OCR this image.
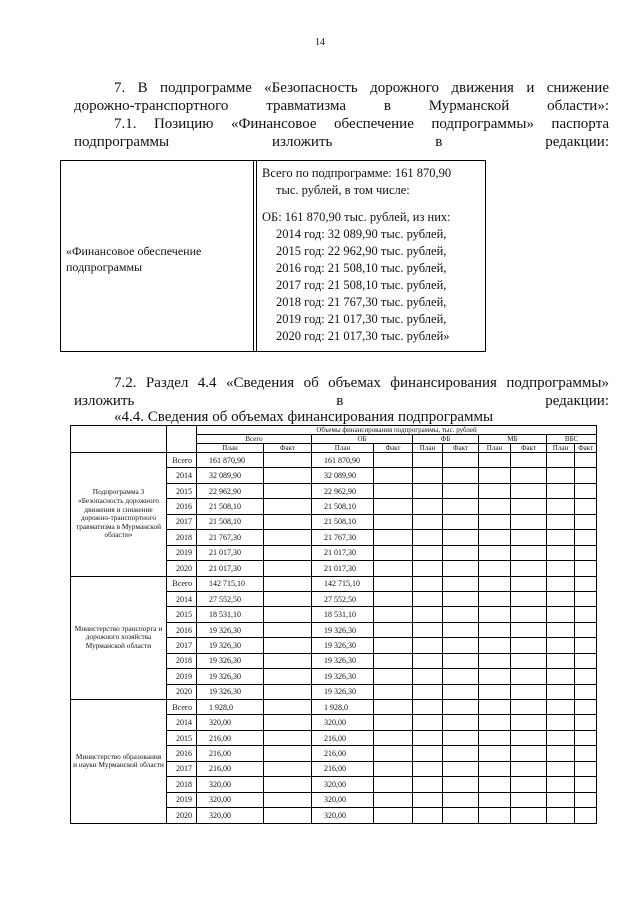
14
7. В подпрограмме «Безопасность дорожного движения и снижение дорожно-транспортного травматизма в Мурманской области»:
7.1. Позицию «Финансовое обеспечение подпрограммы» паспорта подпрограммы изложить в редакции:
«Финансовое обеспечение подпрограммы
Всего по подпрограмме: 161 870,90
тыс. рублей, в том числе:
ОБ: 161 870,90 тыс. рублей, из них:
2014 год: 32 089,90 тыс. рублей,
2015 год: 22 962,90 тыс. рублей,
2016 год: 21 508,10 тыс. рублей,
2017 год: 21 508,10 тыс. рублей,
2018 год: 21 767,30 тыс. рублей,
2019 год: 21 017,30 тыс. рублей,
2020 год: 21 017,30 тыс. рублей»
7.2. Раздел 4.4 «Сведения об объемах финансирования подпрограммы» изложить в редакции:
«4.4. Сведения об объемах финансирования подпрограммы
		Объемы финансирования подпрограммы, тыс. рублей									
		Всего		ОБ		ФБ		МБ		ВБС	
		План	Факт	План	Факт	План	Факт	План	Факт	План	Факт
Подпрограмма 3 «Безопасность дорожного движения и снижение дорожно-транспортного травматизма в Мурманской области»	Всего	161 870,90		161 870,90							
	2014	32 089,90		32 089,90							
	2015	22 962,90		22 962,90							
	2016	21 508,10		21 508,10							
	2017	21 508,10		21 508,10							
	2018	21 767,30		21 767,30							
	2019	21 017,30		21 017,30							
	2020	21 017,30		21 017,30							
Министерство транспорта и дорожного хозяйства Мурманской области	Всего	142 715,10		142 715,10							
	2014	27 552,50		27 552,50							
	2015	18 531,10		18 531,10							
	2016	19 326,30		19 326,30							
	2017	19 326,30		19 326,30							
	2018	19 326,30		19 326,30							
	2019	19 326,30		19 326,30							
	2020	19 326,30		19 326,30							
Министерство образования и науки Мурманской области	Всего	1 928,0		1 928,0							
	2014	320,00		320,00							
	2015	216,00		216,00							
	2016	216,00		216,00							
	2017	216,00		216,00							
	2018	320,00		320,00							
	2019	320,00		320,00							
	2020	320,00		320,00							
